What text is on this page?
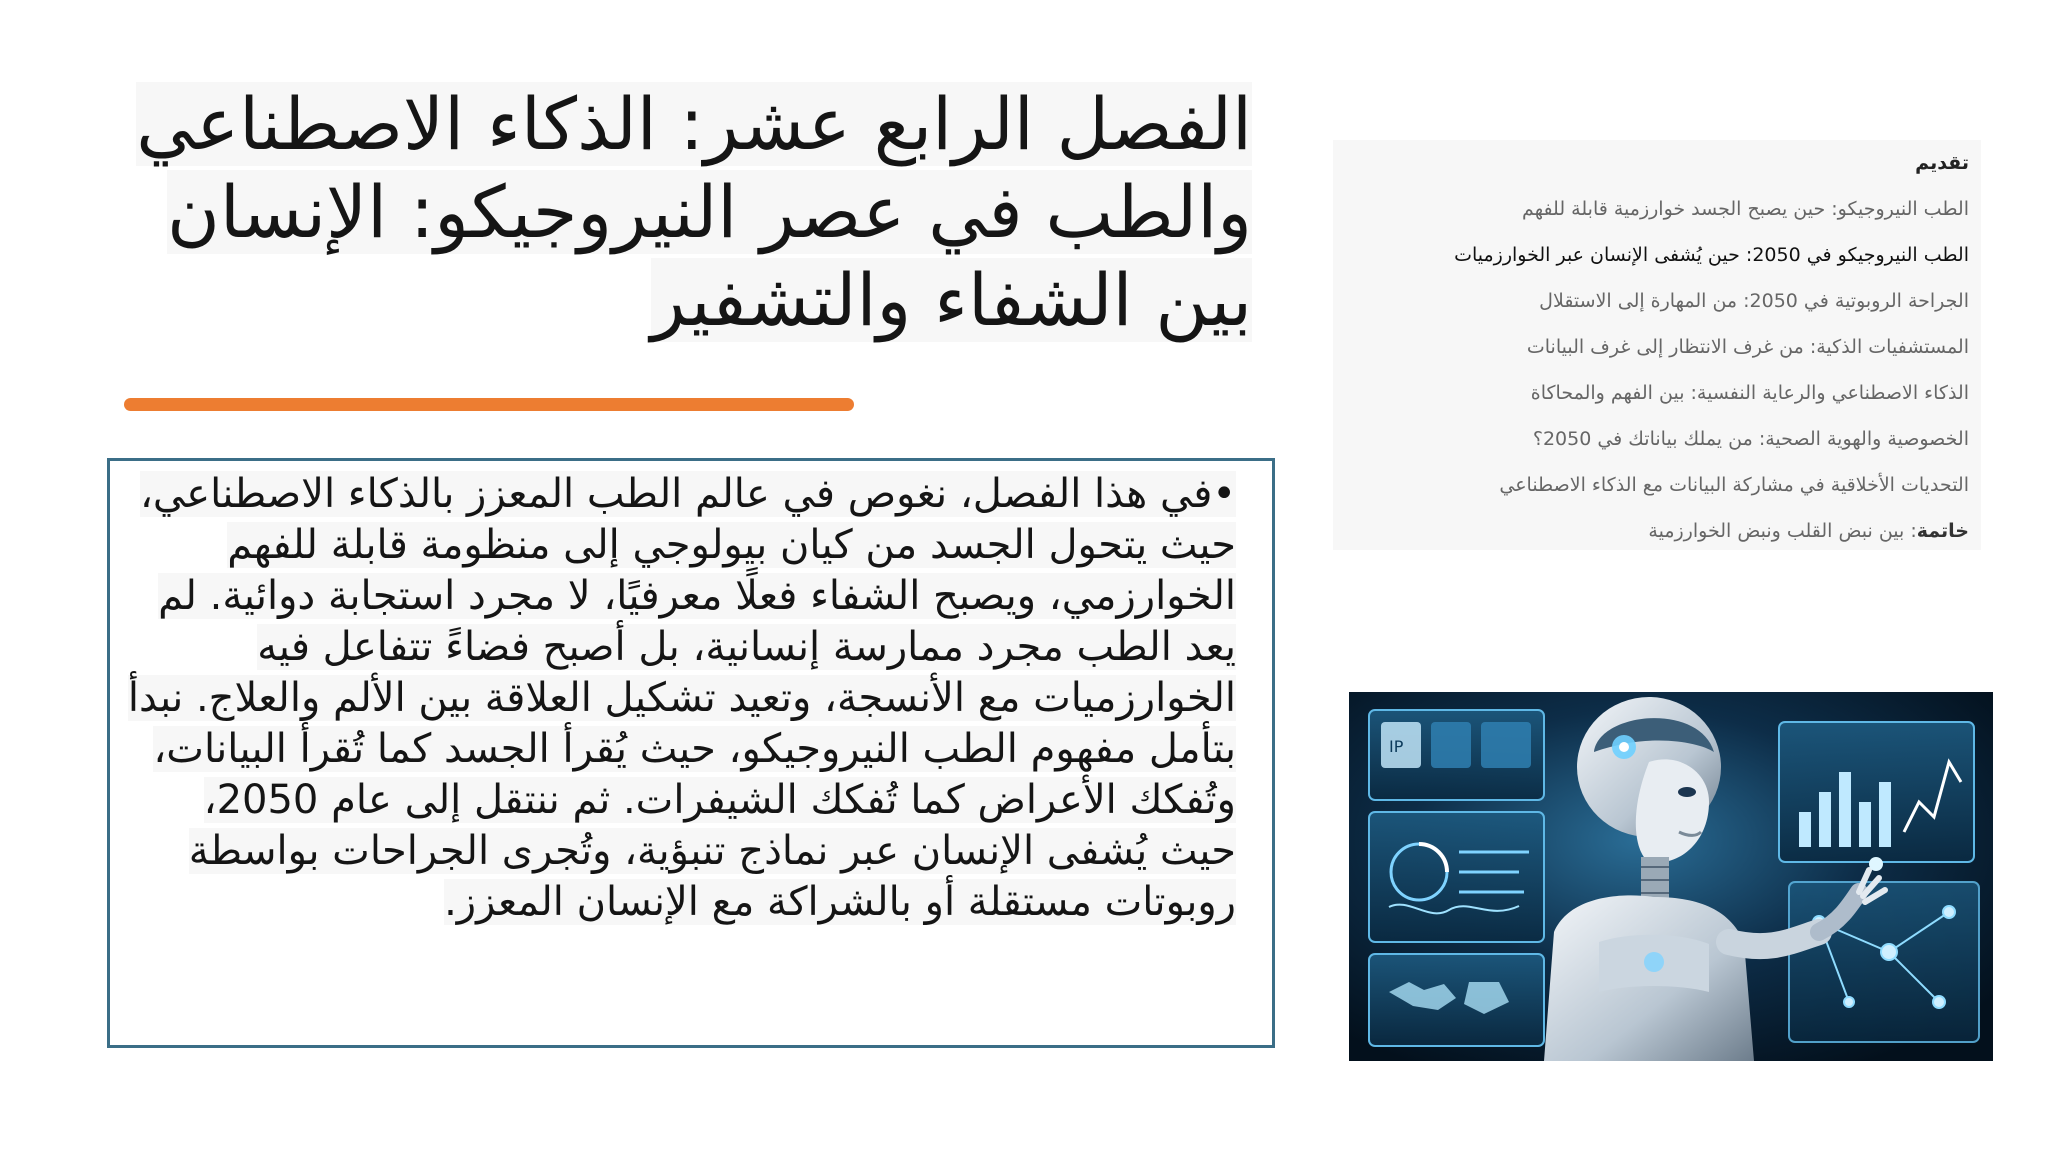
الفصل الرابع عشر: الذكاء الاصطناعي والطب في عصر النيروجيكو: الإنسان بين الشفاء والتشفير
•في هذا الفصل، نغوص في عالم الطب المعزز بالذكاء الاصطناعي، حيث يتحول الجسد من كيان بيولوجي إلى منظومة قابلة للفهم الخوارزمي، ويصبح الشفاء فعلًا معرفيًا، لا مجرد استجابة دوائية. لم يعد الطب مجرد ممارسة إنسانية، بل أصبح فضاءً تتفاعل فيه الخوارزميات مع الأنسجة، وتعيد تشكيل العلاقة بين الألم والعلاج. نبدأ بتأمل مفهوم الطب النيروجيكو، حيث يُقرأ الجسد كما تُقرأ البيانات، وتُفكك الأعراض كما تُفكك الشيفرات. ثم ننتقل إلى عام 2050، حيث يُشفى الإنسان عبر نماذج تنبؤية، وتُجرى الجراحات بواسطة روبوتات مستقلة أو بالشراكة مع الإنسان المعزز.
تقديم
الطب النيروجيكو: حين يصبح الجسد خوارزمية قابلة للفهم
الطب النيروجيكو في 2050: حين يُشفى الإنسان عبر الخوارزميات
الجراحة الروبوتية في 2050: من المهارة إلى الاستقلال
المستشفيات الذكية: من غرف الانتظار إلى غرف البيانات
الذكاء الاصطناعي والرعاية النفسية: بين الفهم والمحاكاة
الخصوصية والهوية الصحية: من يملك بياناتك في 2050؟
التحديات الأخلاقية في مشاركة البيانات مع الذكاء الاصطناعي
خاتمة: بين نبض القلب ونبض الخوارزمية
IP
